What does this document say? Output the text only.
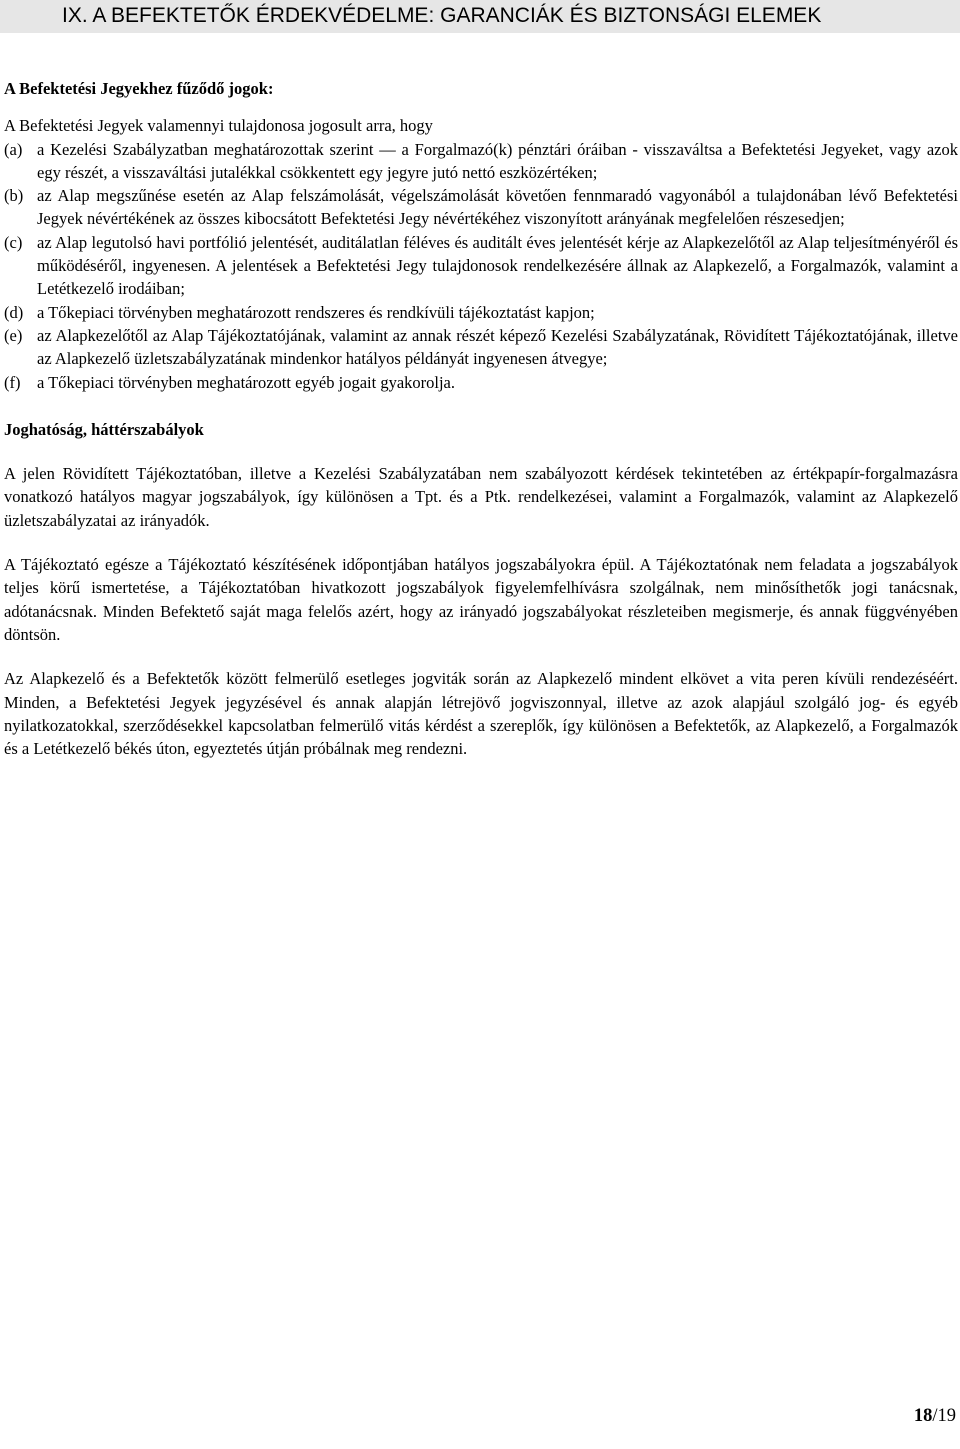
IX. A BEFEKTETŐK ÉRDEKVÉDELME: GARANCIÁK ÉS BIZTONSÁGI ELEMEK

A Befektetési Jegyekhez fűződő jogok:

A Befektetési Jegyek valamennyi tulajdonosa jogosult arra, hogy

(a) a Kezelési Szabályzatban meghatározottak szerint — a Forgalmazó(k) pénztári óráiban - visszaváltsa a Befektetési Jegyeket, vagy azok egy részét, a visszaváltási jutalékkal csökkentett egy jegyre jutó nettó eszközértéken;
(b) az Alap megszűnése esetén az Alap felszámolását, végelszámolását követően fennmaradó vagyonából a tulajdonában lévő Befektetési Jegyek névértékének az összes kibocsátott Befektetési Jegy névértékéhez viszonyított arányának megfelelően részesedjen;
(c) az Alap legutolsó havi portfólió jelentését, auditálatlan féléves és auditált éves jelentését kérje az Alapkezelőtől az Alap teljesítményéről és működéséről, ingyenesen. A jelentések a Befektetési Jegy tulajdonosok rendelkezésére állnak az Alapkezelő, a Forgalmazók, valamint a Letétkezelő irodáiban;
(d) a Tőkepiaci törvényben meghatározott rendszeres és rendkívüli tájékoztatást kapjon;
(e) az Alapkezelőtől az Alap Tájékoztatójának, valamint az annak részét képező Kezelési Szabályzatának, Rövidített Tájékoztatójának, illetve az Alapkezelő üzletszabályzatának mindenkor hatályos példányát ingyenesen átvegye;
(f) a Tőkepiaci törvényben meghatározott egyéb jogait gyakorolja.

Joghatóság, háttérszabályok

A jelen Rövidített Tájékoztatóban, illetve a Kezelési Szabályzatában nem szabályozott kérdések tekintetében az értékpapír-forgalmazásra vonatkozó hatályos magyar jogszabályok, így különösen a Tpt. és a Ptk. rendelkezései, valamint a Forgalmazók, valamint az Alapkezelő üzletszabályzatai az irányadók.

A Tájékoztató egésze a Tájékoztató készítésének időpontjában hatályos jogszabályokra épül. A Tájékoztatónak nem feladata a jogszabályok teljes körű ismertetése, a Tájékoztatóban hivatkozott jogszabályok figyelemfelhívásra szolgálnak, nem minősíthetők jogi tanácsnak, adótanácsnak. Minden Befektető saját maga felelős azért, hogy az irányadó jogszabályokat részleteiben megismerje, és annak függvényében döntsön.

Az Alapkezelő és a Befektetők között felmerülő esetleges jogviták során az Alapkezelő mindent elkövet a vita peren kívüli rendezéséért. Minden, a Befektetési Jegyek jegyzésével és annak alapján létrejövő jogviszonnyal, illetve az azok alapjául szolgáló jog- és egyéb nyilatkozatokkal, szerződésekkel kapcsolatban felmerülő vitás kérdést a szereplők, így különösen a Befektetők, az Alapkezelő, a Forgalmazók és a Letétkezelő békés úton, egyeztetés útján próbálnak meg rendezni.

18/19
